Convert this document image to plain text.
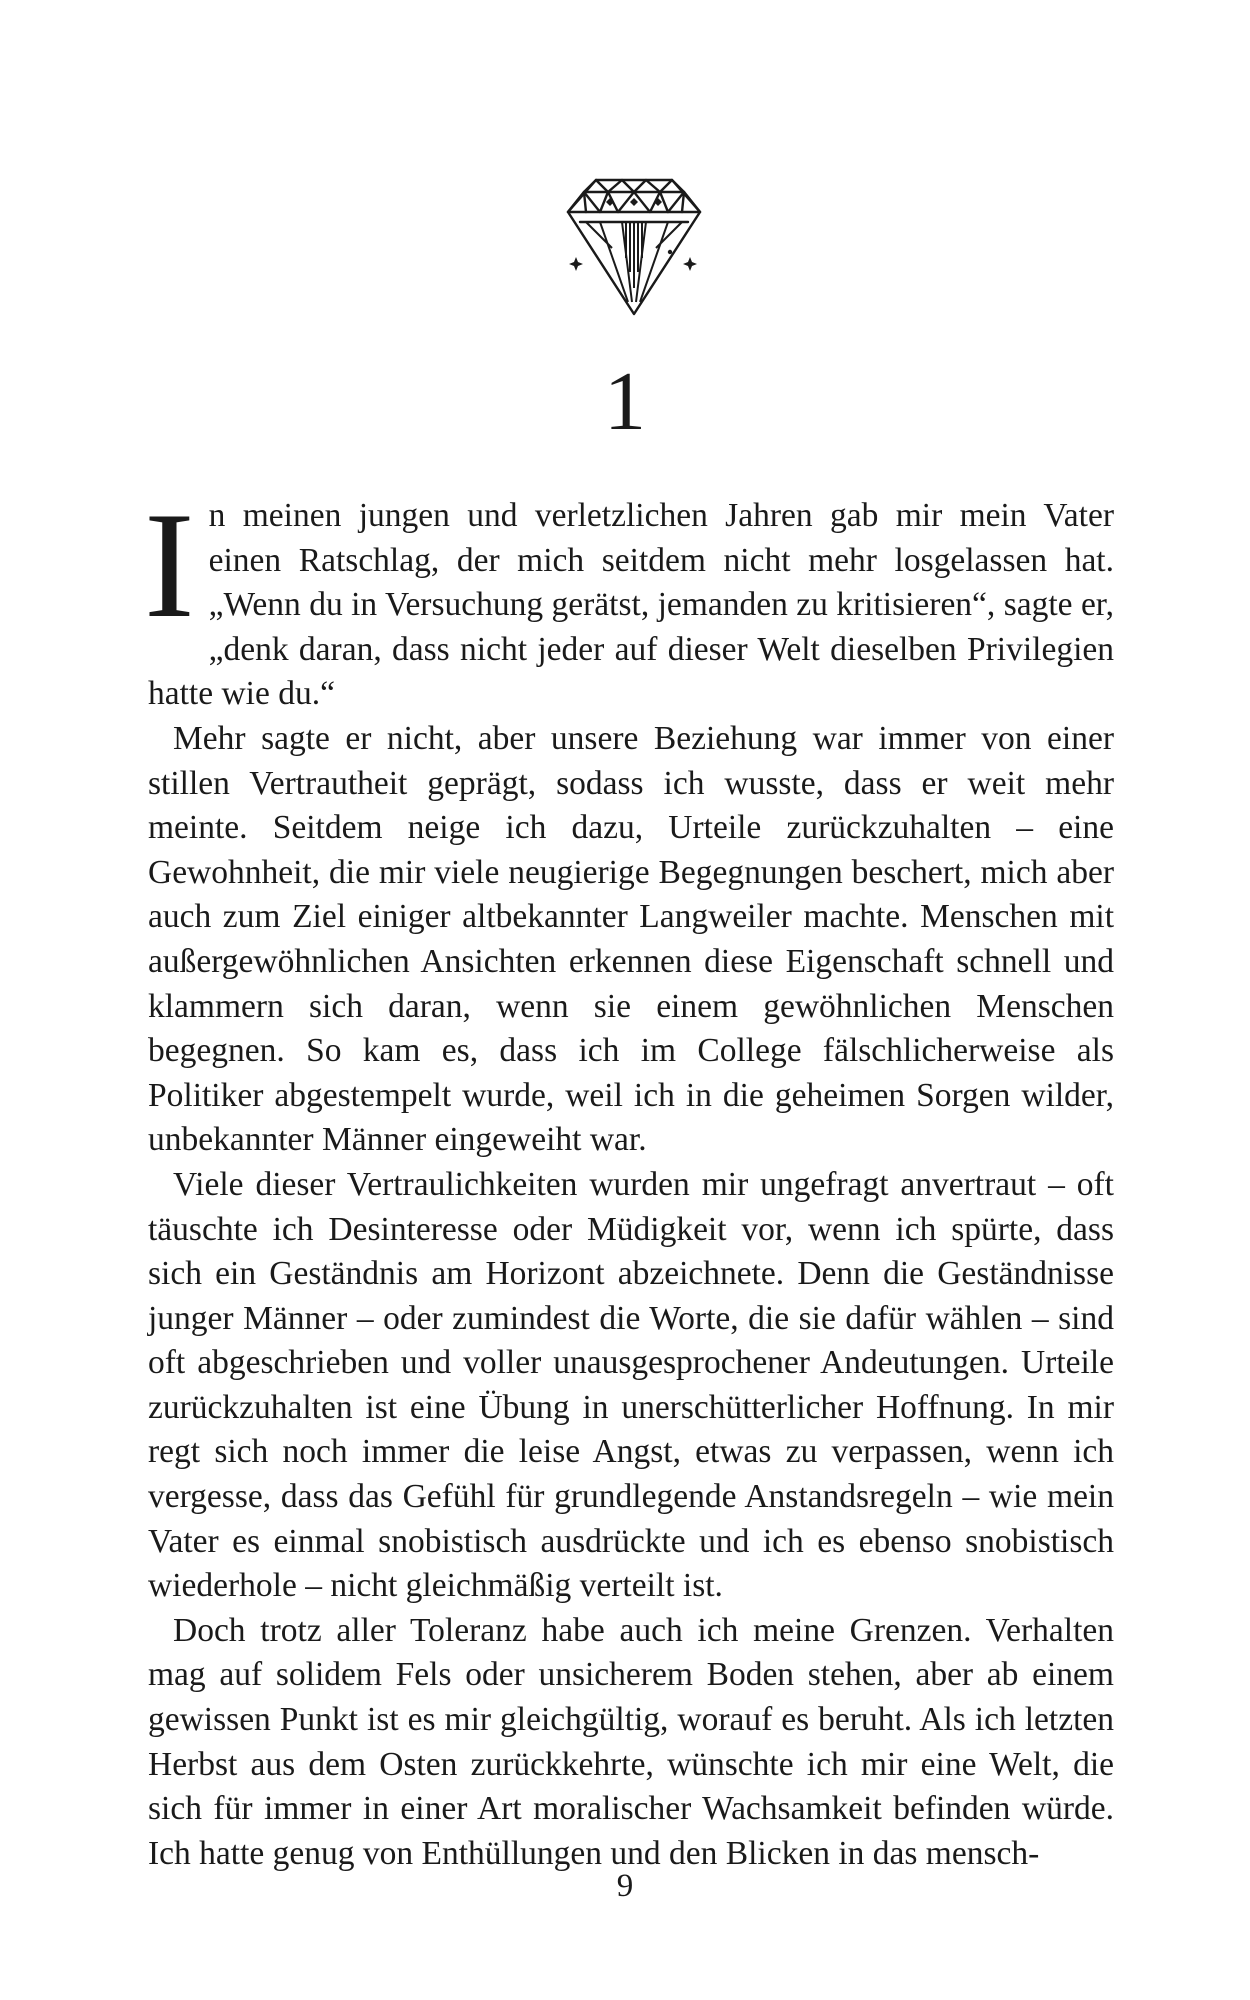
1

In meinen jungen und verletzlichen Jahren gab mir mein Vater einen Ratschlag, der mich seitdem nicht mehr losgelassen hat. „Wenn du in Versuchung gerätst, jemanden zu kritisieren“, sagte er, „denk daran, dass nicht jeder auf dieser Welt dieselben Privilegien hatte wie du.“

Mehr sagte er nicht, aber unsere Beziehung war immer von einer stillen Vertrautheit geprägt, sodass ich wusste, dass er weit mehr meinte. Seitdem neige ich dazu, Urteile zurückzuhalten – eine Gewohnheit, die mir viele neugierige Begegnungen beschert, mich aber auch zum Ziel einiger altbekannter Langweiler machte. Menschen mit außergewöhnlichen Ansichten erkennen diese Eigenschaft schnell und klammern sich daran, wenn sie einem gewöhnlichen Menschen begegnen. So kam es, dass ich im College fälschlicherweise als Politiker abgestempelt wurde, weil ich in die geheimen Sorgen wilder, unbekannter Männer eingeweiht war.

Viele dieser Vertraulichkeiten wurden mir ungefragt anvertraut – oft täuschte ich Desinteresse oder Müdigkeit vor, wenn ich spürte, dass sich ein Geständnis am Horizont abzeichnete. Denn die Geständnisse junger Männer – oder zumindest die Worte, die sie dafür wählen – sind oft abgeschrieben und voller unausgesprochener Andeutungen. Urteile zurückzuhalten ist eine Übung in unerschütterlicher Hoffnung. In mir regt sich noch immer die leise Angst, etwas zu verpassen, wenn ich vergesse, dass das Gefühl für grundlegende Anstandsregeln – wie mein Vater es einmal snobistisch ausdrückte und ich es ebenso snobistisch wiederhole – nicht gleichmäßig verteilt ist.

Doch trotz aller Toleranz habe auch ich meine Grenzen. Verhalten mag auf solidem Fels oder unsicherem Boden stehen, aber ab einem gewissen Punkt ist es mir gleichgültig, worauf es beruht. Als ich letzten Herbst aus dem Osten zurückkehrte, wünschte ich mir eine Welt, die sich für immer in einer Art moralischer Wachsamkeit befinden würde. Ich hatte genug von Enthüllungen und den Blicken in das mensch-

9
